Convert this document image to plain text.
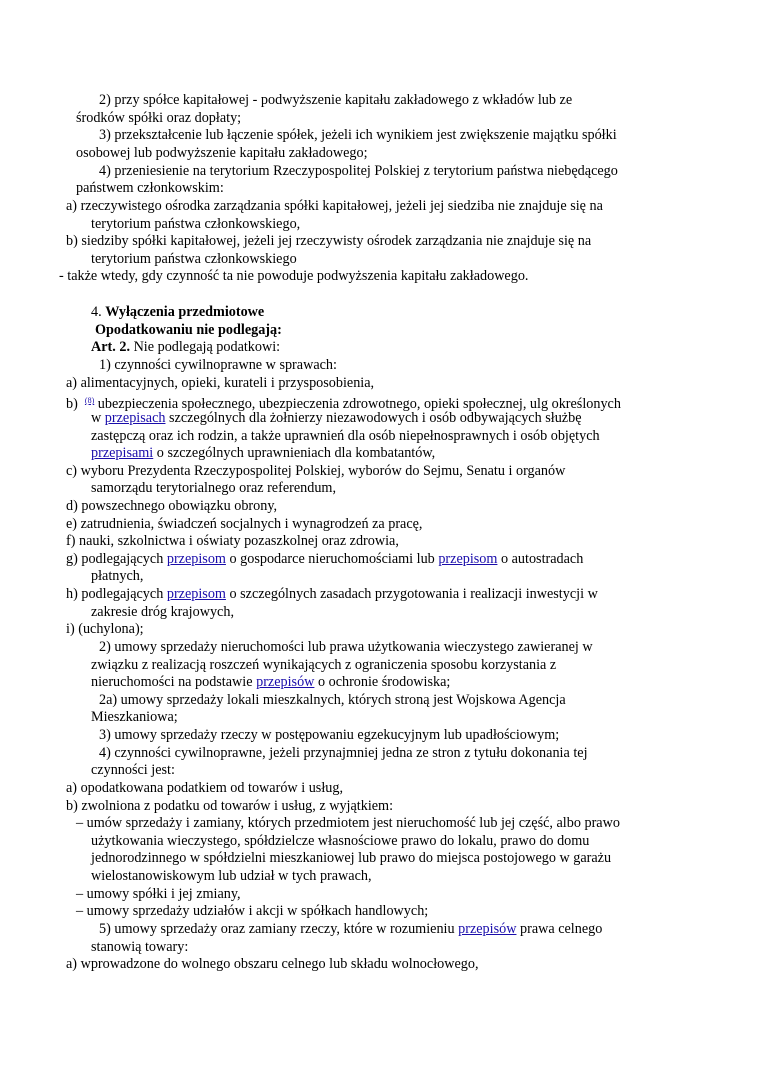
2) przy spółce kapitałowej - podwyższenie kapitału zakładowego z wkładów lub ze
środków spółki oraz dopłaty;
3) przekształcenie lub łączenie spółek, jeżeli ich wynikiem jest zwiększenie majątku spółki
osobowej lub podwyższenie kapitału zakładowego;
4) przeniesienie na terytorium Rzeczypospolitej Polskiej z terytorium państwa niebędącego
państwem członkowskim:
a) rzeczywistego ośrodka zarządzania spółki kapitałowej, jeżeli jej siedziba nie znajduje się na
terytorium państwa członkowskiego,
b) siedziby spółki kapitałowej, jeżeli jej rzeczywisty ośrodek zarządzania nie znajduje się na
terytorium państwa członkowskiego
- także wtedy, gdy czynność ta nie powoduje podwyższenia kapitału zakładowego.
4. Wyłączenia przedmiotowe
Opodatkowaniu nie podlegają:
Art. 2. Nie podlegają podatkowi:
1) czynności cywilnoprawne w sprawach:
a) alimentacyjnych, opieki, kurateli i przysposobienia,
b) $^{(8)}$ ubezpieczenia społecznego, ubezpieczenia zdrowotnego, opieki społecznej, ulg określonych
w przepisach szczególnych dla żołnierzy niezawodowych i osób odbywających służbę
zastępczą oraz ich rodzin, a także uprawnień dla osób niepełnosprawnych i osób objętych
przepisami o szczególnych uprawnieniach dla kombatantów,
c) wyboru Prezydenta Rzeczypospolitej Polskiej, wyborów do Sejmu, Senatu i organów
samorządu terytorialnego oraz referendum,
d) powszechnego obowiązku obrony,
e) zatrudnienia, świadczeń socjalnych i wynagrodzeń za pracę,
f) nauki, szkolnictwa i oświaty pozaszkolnej oraz zdrowia,
g) podlegających przepisom o gospodarce nieruchomościami lub przepisom o autostradach
płatnych,
h) podlegających przepisom o szczególnych zasadach przygotowania i realizacji inwestycji w
zakresie dróg krajowych,
i) (uchylona);
2) umowy sprzedaży nieruchomości lub prawa użytkowania wieczystego zawieranej w
związku z realizacją roszczeń wynikających z ograniczenia sposobu korzystania z
nieruchomości na podstawie przepisów o ochronie środowiska;
2a) umowy sprzedaży lokali mieszkalnych, których stroną jest Wojskowa Agencja
Mieszkaniowa;
3) umowy sprzedaży rzeczy w postępowaniu egzekucyjnym lub upadłościowym;
4) czynności cywilnoprawne, jeżeli przynajmniej jedna ze stron z tytułu dokonania tej
czynności jest:
a) opodatkowana podatkiem od towarów i usług,
b) zwolniona z podatku od towarów i usług, z wyjątkiem:
– umów sprzedaży i zamiany, których przedmiotem jest nieruchomość lub jej część, albo prawo
użytkowania wieczystego, spółdzielcze własnościowe prawo do lokalu, prawo do domu
jednorodzinnego w spółdzielni mieszkaniowej lub prawo do miejsca postojowego w garażu
wielostanowiskowym lub udział w tych prawach,
– umowy spółki i jej zmiany,
– umowy sprzedaży udziałów i akcji w spółkach handlowych;
5) umowy sprzedaży oraz zamiany rzeczy, które w rozumieniu przepisów prawa celnego
stanowią towary:
a) wprowadzone do wolnego obszaru celnego lub składu wolnocłowego,
